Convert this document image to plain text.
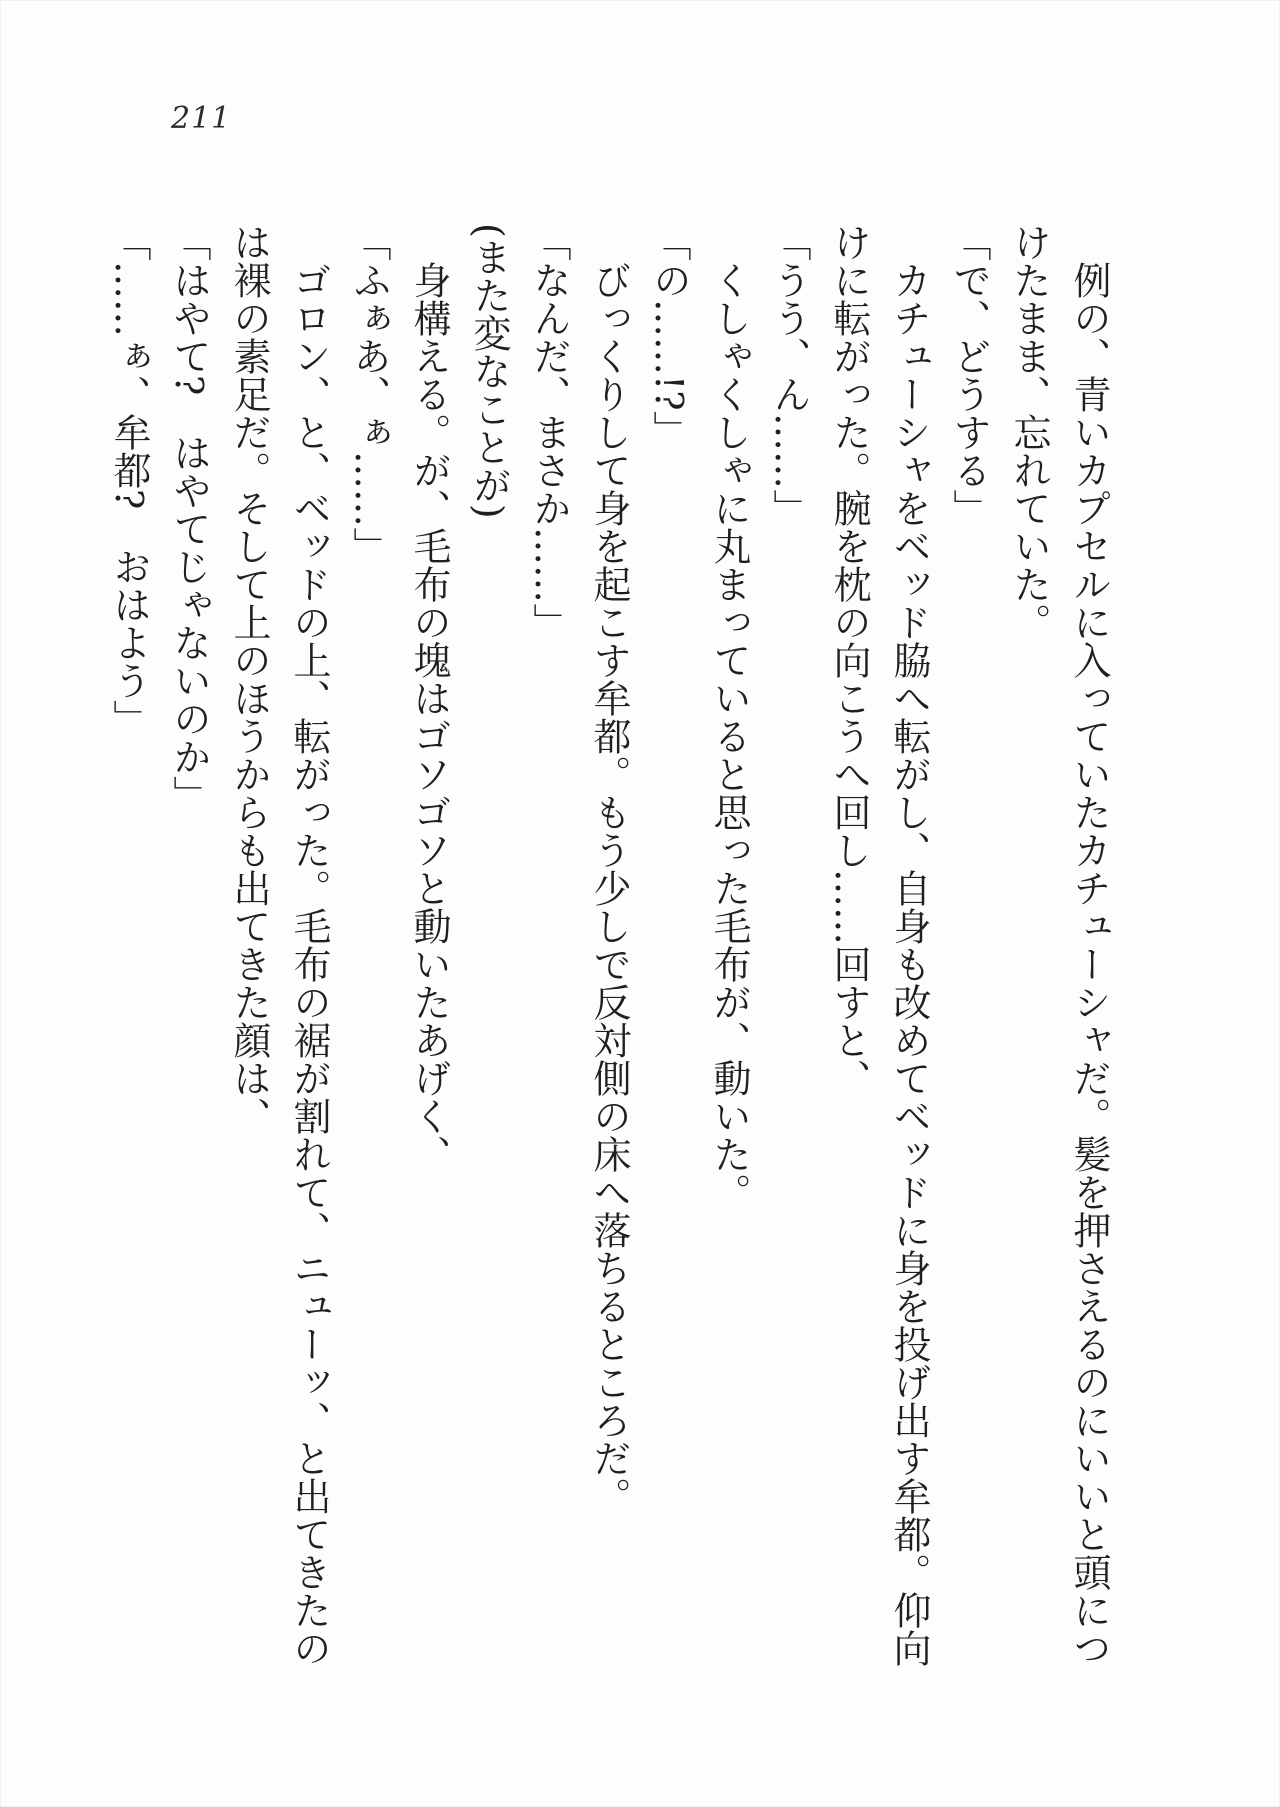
211
例の、青いカプセルに入っていたカチューシャだ。髪を押さえるのにいいと頭につ
けたまま、忘れていた。
「で、どうする」
カチューシャをベッド脇へ転がし、自身も改めてベッドに身を投げ出す牟都。仰向
けに転がった。腕を枕の向こうへ回し……回すと、
「うう、ん……」
くしゃくしゃに丸まっていると思った毛布が、動いた。
「の……!?」
びっくりして身を起こす牟都。もう少しで反対側の床へ落ちるところだ。
「なんだ、まさか……」
(また変なことが)
身構える。が、毛布の塊はゴソゴソと動いたあげく、
「ふぁあ、ぁ……」
ゴロン、と、ベッドの上、転がった。毛布の裾が割れて、ニューッ、と出てきたの
は裸の素足だ。そして上のほうからも出てきた顔は、
「はやて?　はやてじゃないのか」
「……ぁ、牟都?　おはよう」
